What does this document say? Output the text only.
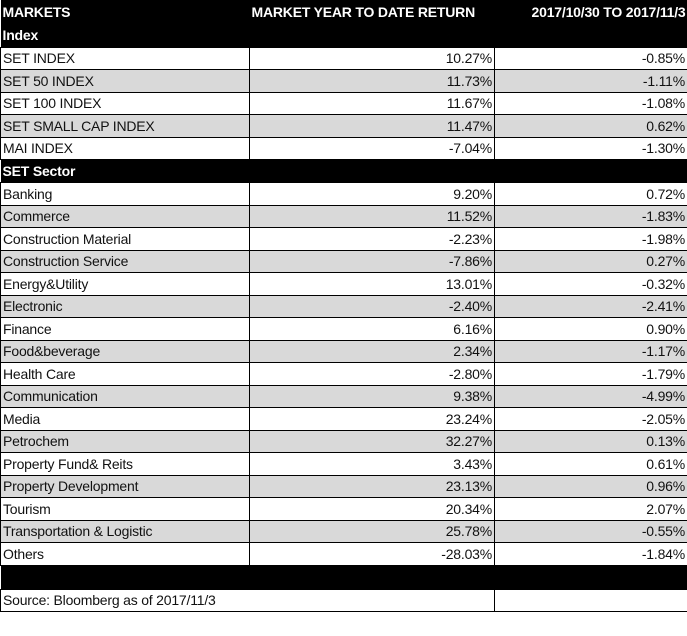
MARKETS	MARKET YEAR TO DATE RETURN	2017/10/30 TO 2017/11/3
Index		
SET INDEX	10.27%	-0.85%
SET 50 INDEX	11.73%	-1.11%
SET 100 INDEX	11.67%	-1.08%
SET SMALL CAP INDEX	11.47%	0.62%
MAI INDEX	-7.04%	-1.30%
SET Sector		
Banking	9.20%	0.72%
Commerce	11.52%	-1.83%
Construction Material	-2.23%	-1.98%
Construction Service	-7.86%	0.27%
Energy&Utility	13.01%	-0.32%
Electronic	-2.40%	-2.41%
Finance	6.16%	0.90%
Food&beverage	2.34%	-1.17%
Health Care	-2.80%	-1.79%
Communication	9.38%	-4.99%
Media	23.24%	-2.05%
Petrochem	32.27%	0.13%
Property Fund& Reits	3.43%	0.61%
Property Development	23.13%	0.96%
Tourism	20.34%	2.07%
Transportation & Logistic	25.78%	-0.55%
Others	-28.03%	-1.84%

Source: Bloomberg as of 2017/11/3		
